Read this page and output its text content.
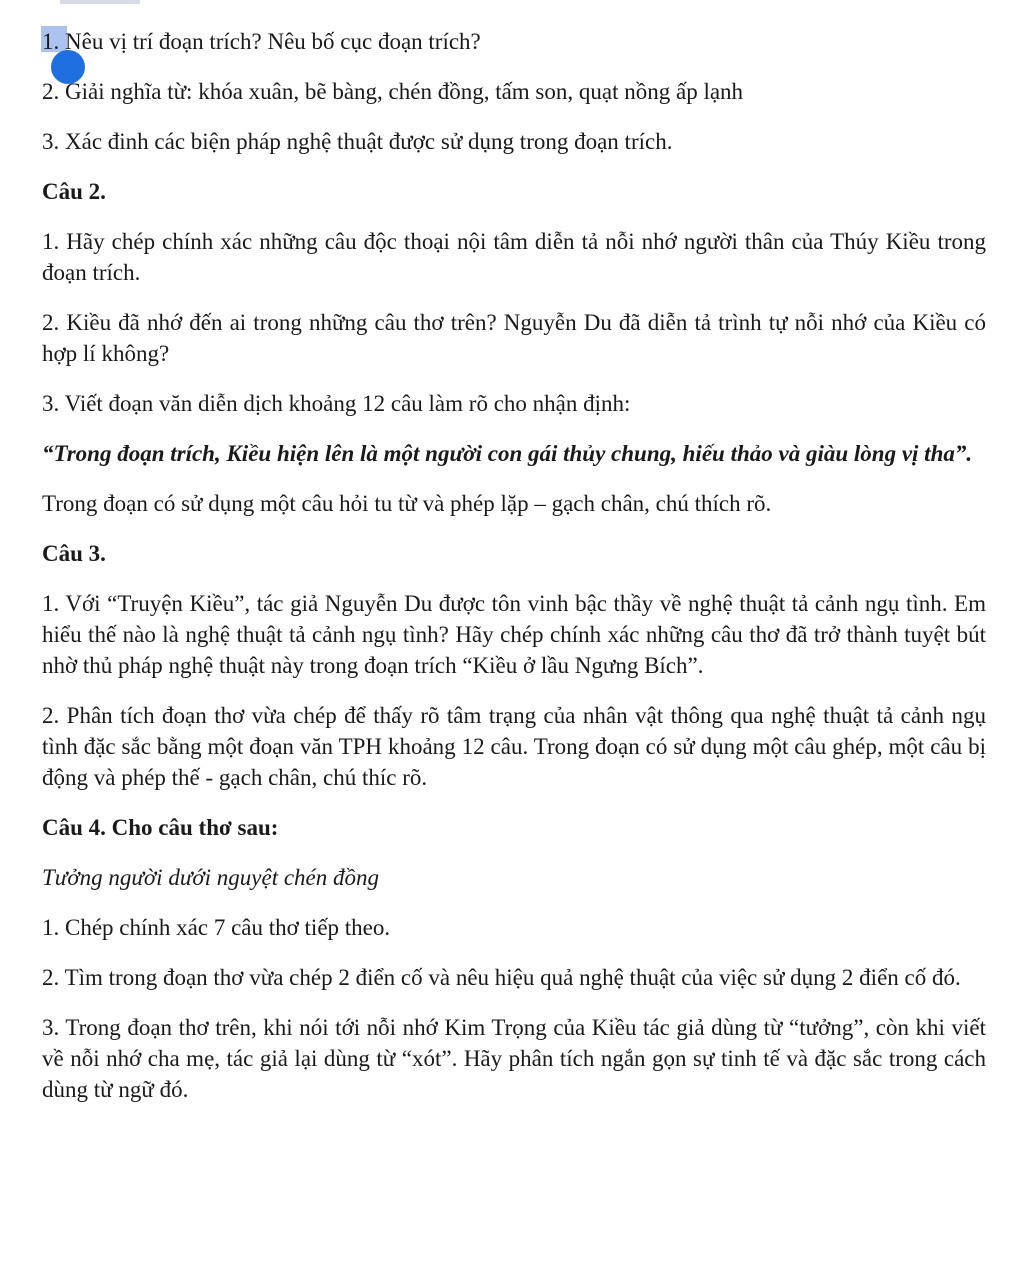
1. Nêu vị trí đoạn trích? Nêu bố cục đoạn trích?

2. Giải nghĩa từ: khóa xuân, bẽ bàng, chén đồng, tấm son, quạt nồng ấp lạnh

3. Xác đinh các biện pháp nghệ thuật được sử dụng trong đoạn trích.

Câu 2.

1. Hãy chép chính xác những câu độc thoại nội tâm diễn tả nỗi nhớ người thân của Thúy Kiều trong đoạn trích.

2. Kiều đã nhớ đến ai trong những câu thơ trên? Nguyễn Du đã diễn tả trình tự nỗi nhớ của Kiều có hợp lí không?

3. Viết đoạn văn diễn dịch khoảng 12 câu làm rõ cho nhận định:

“Trong đoạn trích, Kiều hiện lên là một người con gái thủy chung, hiếu thảo và giàu lòng vị tha”.

Trong đoạn có sử dụng một câu hỏi tu từ và phép lặp – gạch chân, chú thích rõ.

Câu 3.

1. Với “Truyện Kiều”, tác giả Nguyễn Du được tôn vinh bậc thầy về nghệ thuật tả cảnh ngụ tình. Em hiểu thế nào là nghệ thuật tả cảnh ngụ tình? Hãy chép chính xác những câu thơ đã trở thành tuyệt bút nhờ thủ pháp nghệ thuật này trong đoạn trích “Kiều ở lầu Ngưng Bích”.

2. Phân tích đoạn thơ vừa chép để thấy rõ tâm trạng của nhân vật thông qua nghệ thuật tả cảnh ngụ tình đặc sắc bằng một đoạn văn TPH khoảng 12 câu. Trong đoạn có sử dụng một câu ghép, một câu bị động và phép thế - gạch chân, chú thíc rõ.

Câu 4. Cho câu thơ sau:

Tưởng người dưới nguyệt chén đồng

1. Chép chính xác 7 câu thơ tiếp theo.

2. Tìm trong đoạn thơ vừa chép 2 điển cố và nêu hiệu quả nghệ thuật của việc sử dụng 2 điển cố đó.

3. Trong đoạn thơ trên, khi nói tới nỗi nhớ Kim Trọng của Kiều tác giả dùng từ “tưởng”, còn khi viết về nỗi nhớ cha mẹ, tác giả lại dùng từ “xót”. Hãy phân tích ngắn gọn sự tinh tế và đặc sắc trong cách dùng từ ngữ đó.
